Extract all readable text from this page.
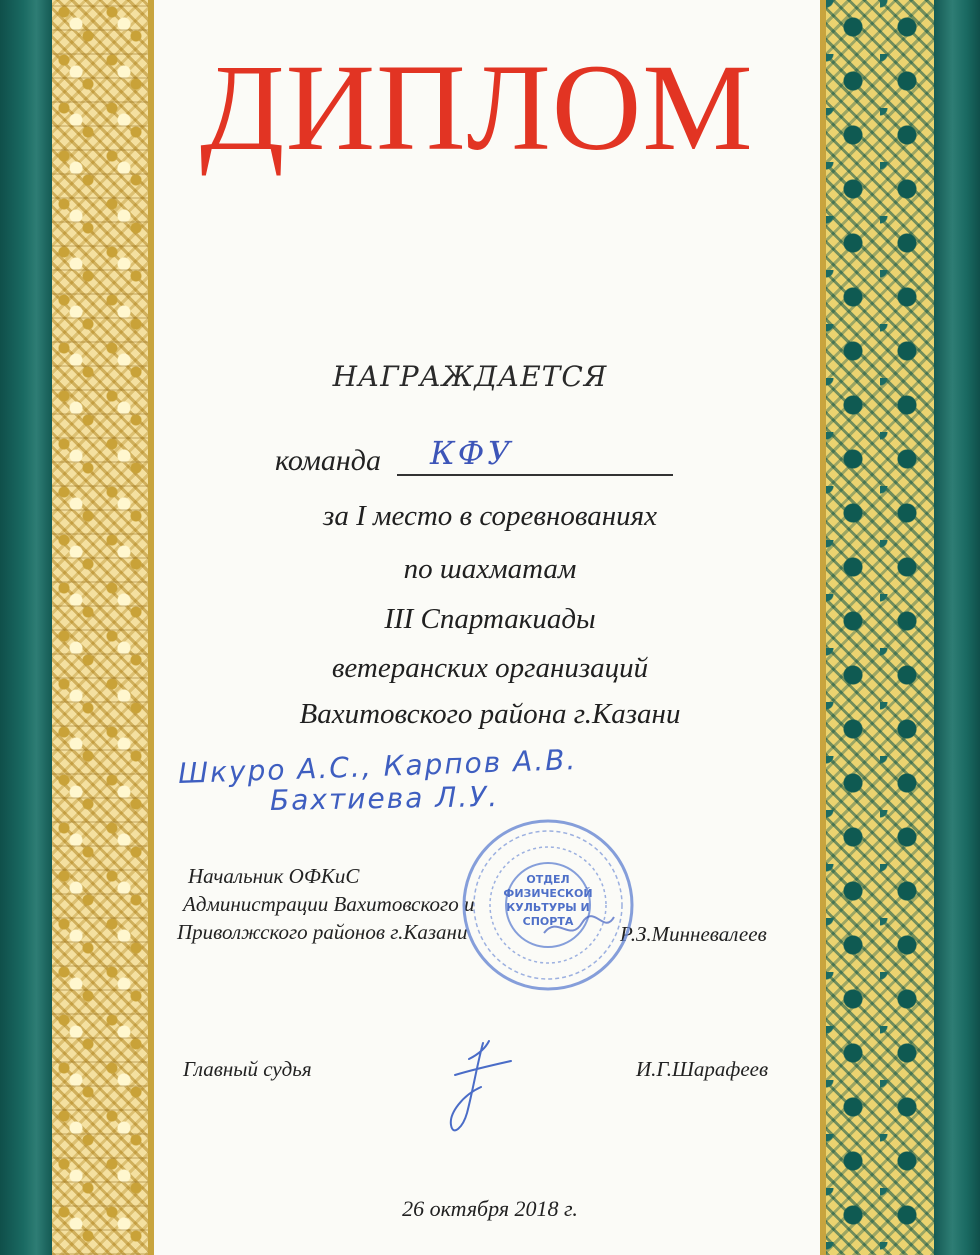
ДИПЛОМ
НАГРАЖДАЕТСЯ
команда КФУ
за I место в соревнованиях
по шахматам
III Спартакиады
ветеранских организаций
Вахитовского района г.Казани
Шкуро А.С., Карпов А.В.
Бахтиева Л.У.
Начальник ОФКиС
Администрации Вахитовского и
Приволжского районов г.Казани	Р.З.Минневалеев
ОТДЕЛ
ФИЗИЧЕСКОЙ
КУЛЬТУРЫ И
СПОРТА
Главный судья	И.Г.Шарафеев
26 октября 2018 г.
